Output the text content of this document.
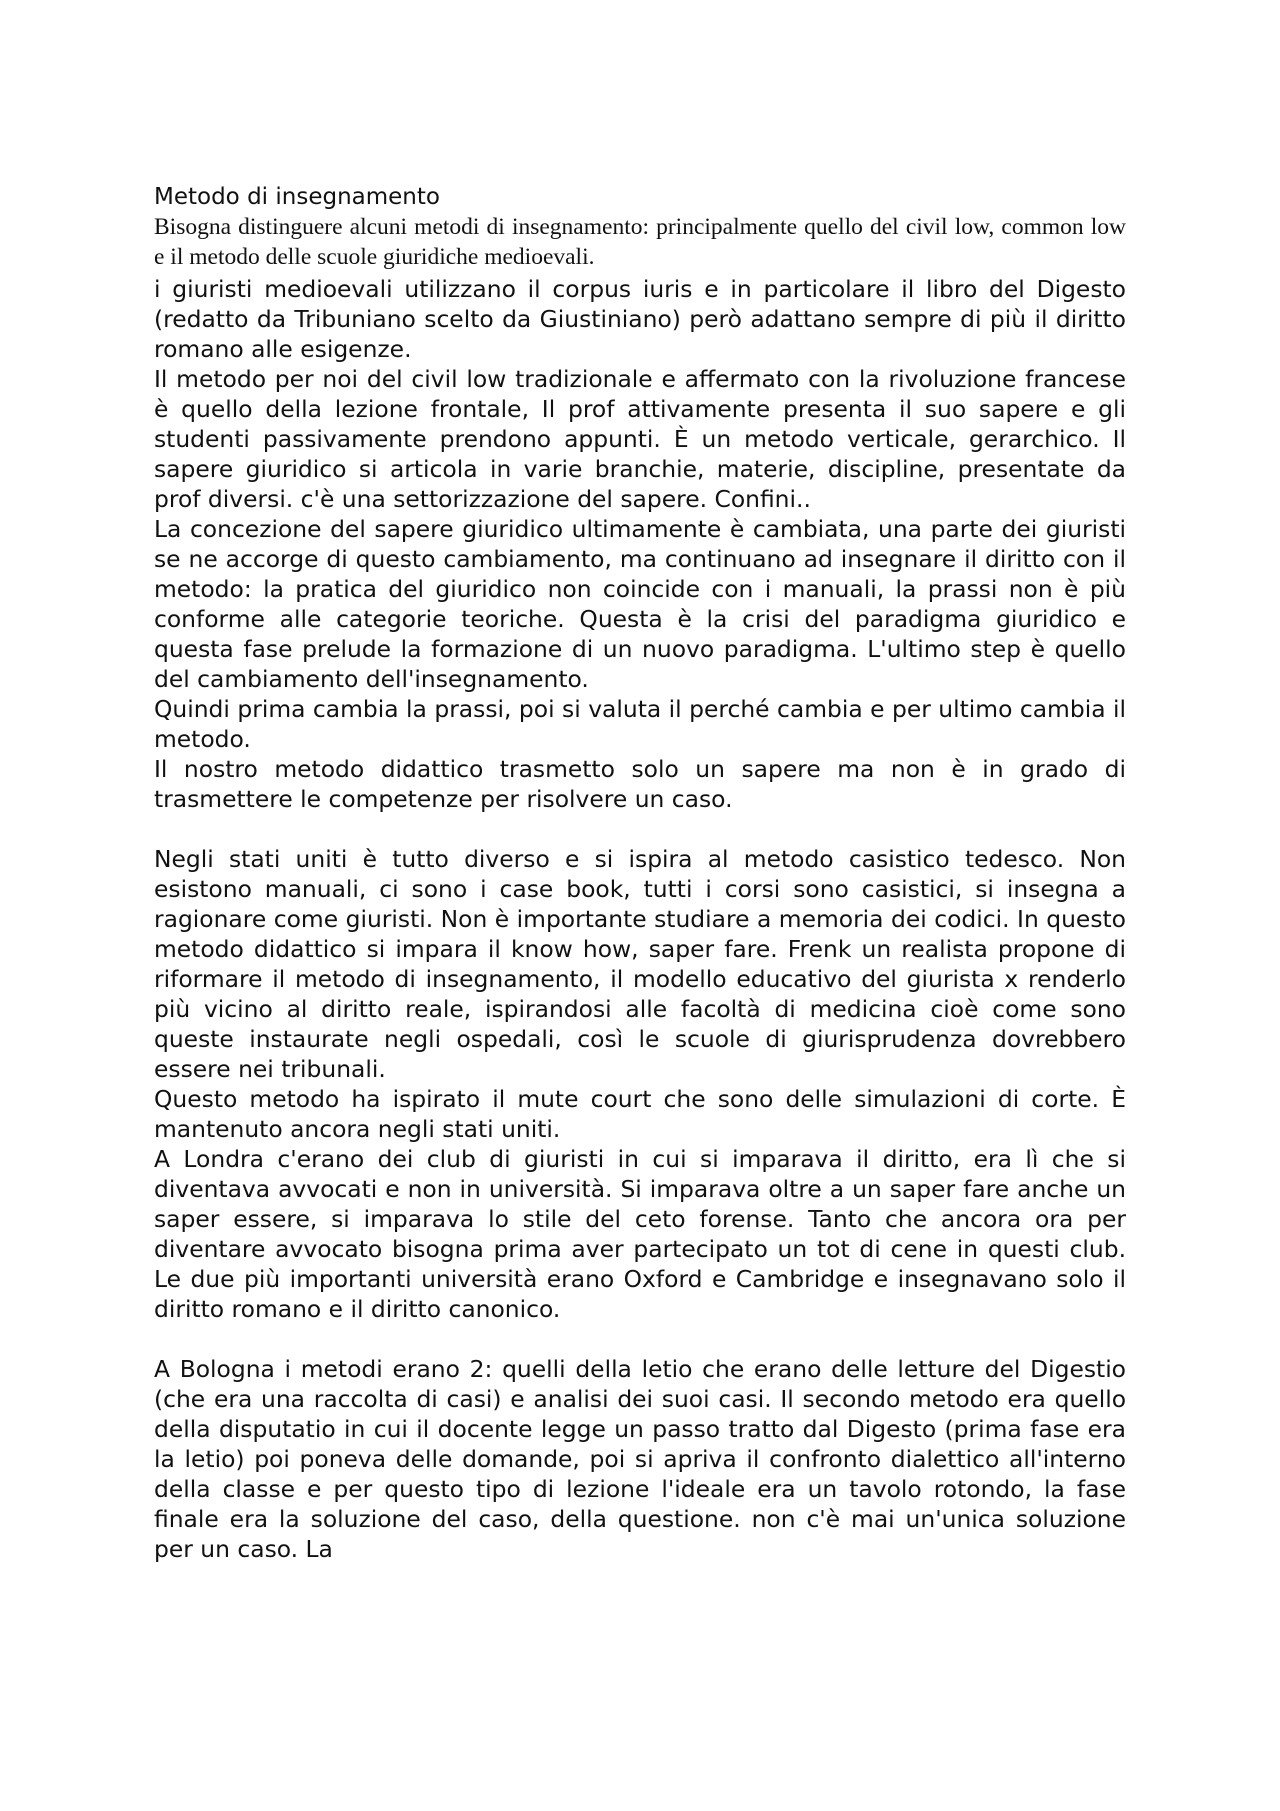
Metodo di insegnamento

Bisogna distinguere alcuni metodi di insegnamento: principalmente quello del civil low, common low e il metodo delle scuole giuridiche medioevali.

i giuristi medioevali utilizzano il corpus iuris e in particolare il libro del Digesto (redatto da Tribuniano scelto da Giustiniano) però adattano sempre di più il diritto romano alle esigenze.

Il metodo per noi del civil low tradizionale e affermato con la rivoluzione francese è quello della lezione frontale, Il prof attivamente presenta il suo sapere e gli studenti passivamente prendono appunti. È un metodo verticale, gerarchico. Il sapere giuridico si articola in varie branchie, materie, discipline, presentate da prof diversi. c'è una settorizzazione del sapere. Confini..

La concezione del sapere giuridico ultimamente è cambiata, una parte dei giuristi se ne accorge di questo cambiamento, ma continuano ad insegnare il diritto con il metodo: la pratica del giuridico non coincide con i manuali, la prassi non è più conforme alle categorie teoriche. Questa è la crisi del paradigma giuridico e questa fase prelude la formazione di un nuovo paradigma. L'ultimo step è quello del cambiamento dell'insegnamento.

Quindi prima cambia la prassi, poi si valuta il perché cambia e per ultimo cambia il metodo.

Il nostro metodo didattico trasmetto solo un sapere ma non è in grado di trasmettere le competenze per risolvere un caso.

Negli stati uniti è tutto diverso e si ispira al metodo casistico tedesco. Non esistono manuali, ci sono i case book, tutti i corsi sono casistici, si insegna a ragionare come giuristi. Non è importante studiare a memoria dei codici. In questo metodo didattico si impara il know how, saper fare. Frenk un realista propone di riformare il metodo di insegnamento, il modello educativo del giurista x renderlo più vicino al diritto reale, ispirandosi alle facoltà di medicina cioè come sono queste instaurate negli ospedali, così le scuole di giurisprudenza dovrebbero essere nei tribunali.

Questo metodo ha ispirato il mute court che sono delle simulazioni di corte. È mantenuto ancora negli stati uniti.

A Londra c'erano dei club di giuristi in cui si imparava il diritto, era lì che si diventava avvocati e non in università. Si imparava oltre a un saper fare anche un saper essere, si imparava lo stile del ceto forense. Tanto che ancora ora per diventare avvocato bisogna prima aver partecipato un tot di cene in questi club. Le due più importanti università erano Oxford e Cambridge e insegnavano solo il diritto romano e il diritto canonico.

A Bologna i metodi erano 2: quelli della letio che erano delle letture del Digestio (che era una raccolta di casi) e analisi dei suoi casi. Il secondo metodo era quello della disputatio in cui il docente legge un passo tratto dal Digesto (prima fase era la letio) poi poneva delle domande, poi si apriva il confronto dialettico all'interno della classe e per questo tipo di lezione l'ideale era un tavolo rotondo, la fase finale era la soluzione del caso, della questione. non c'è mai un'unica soluzione per un caso. La
